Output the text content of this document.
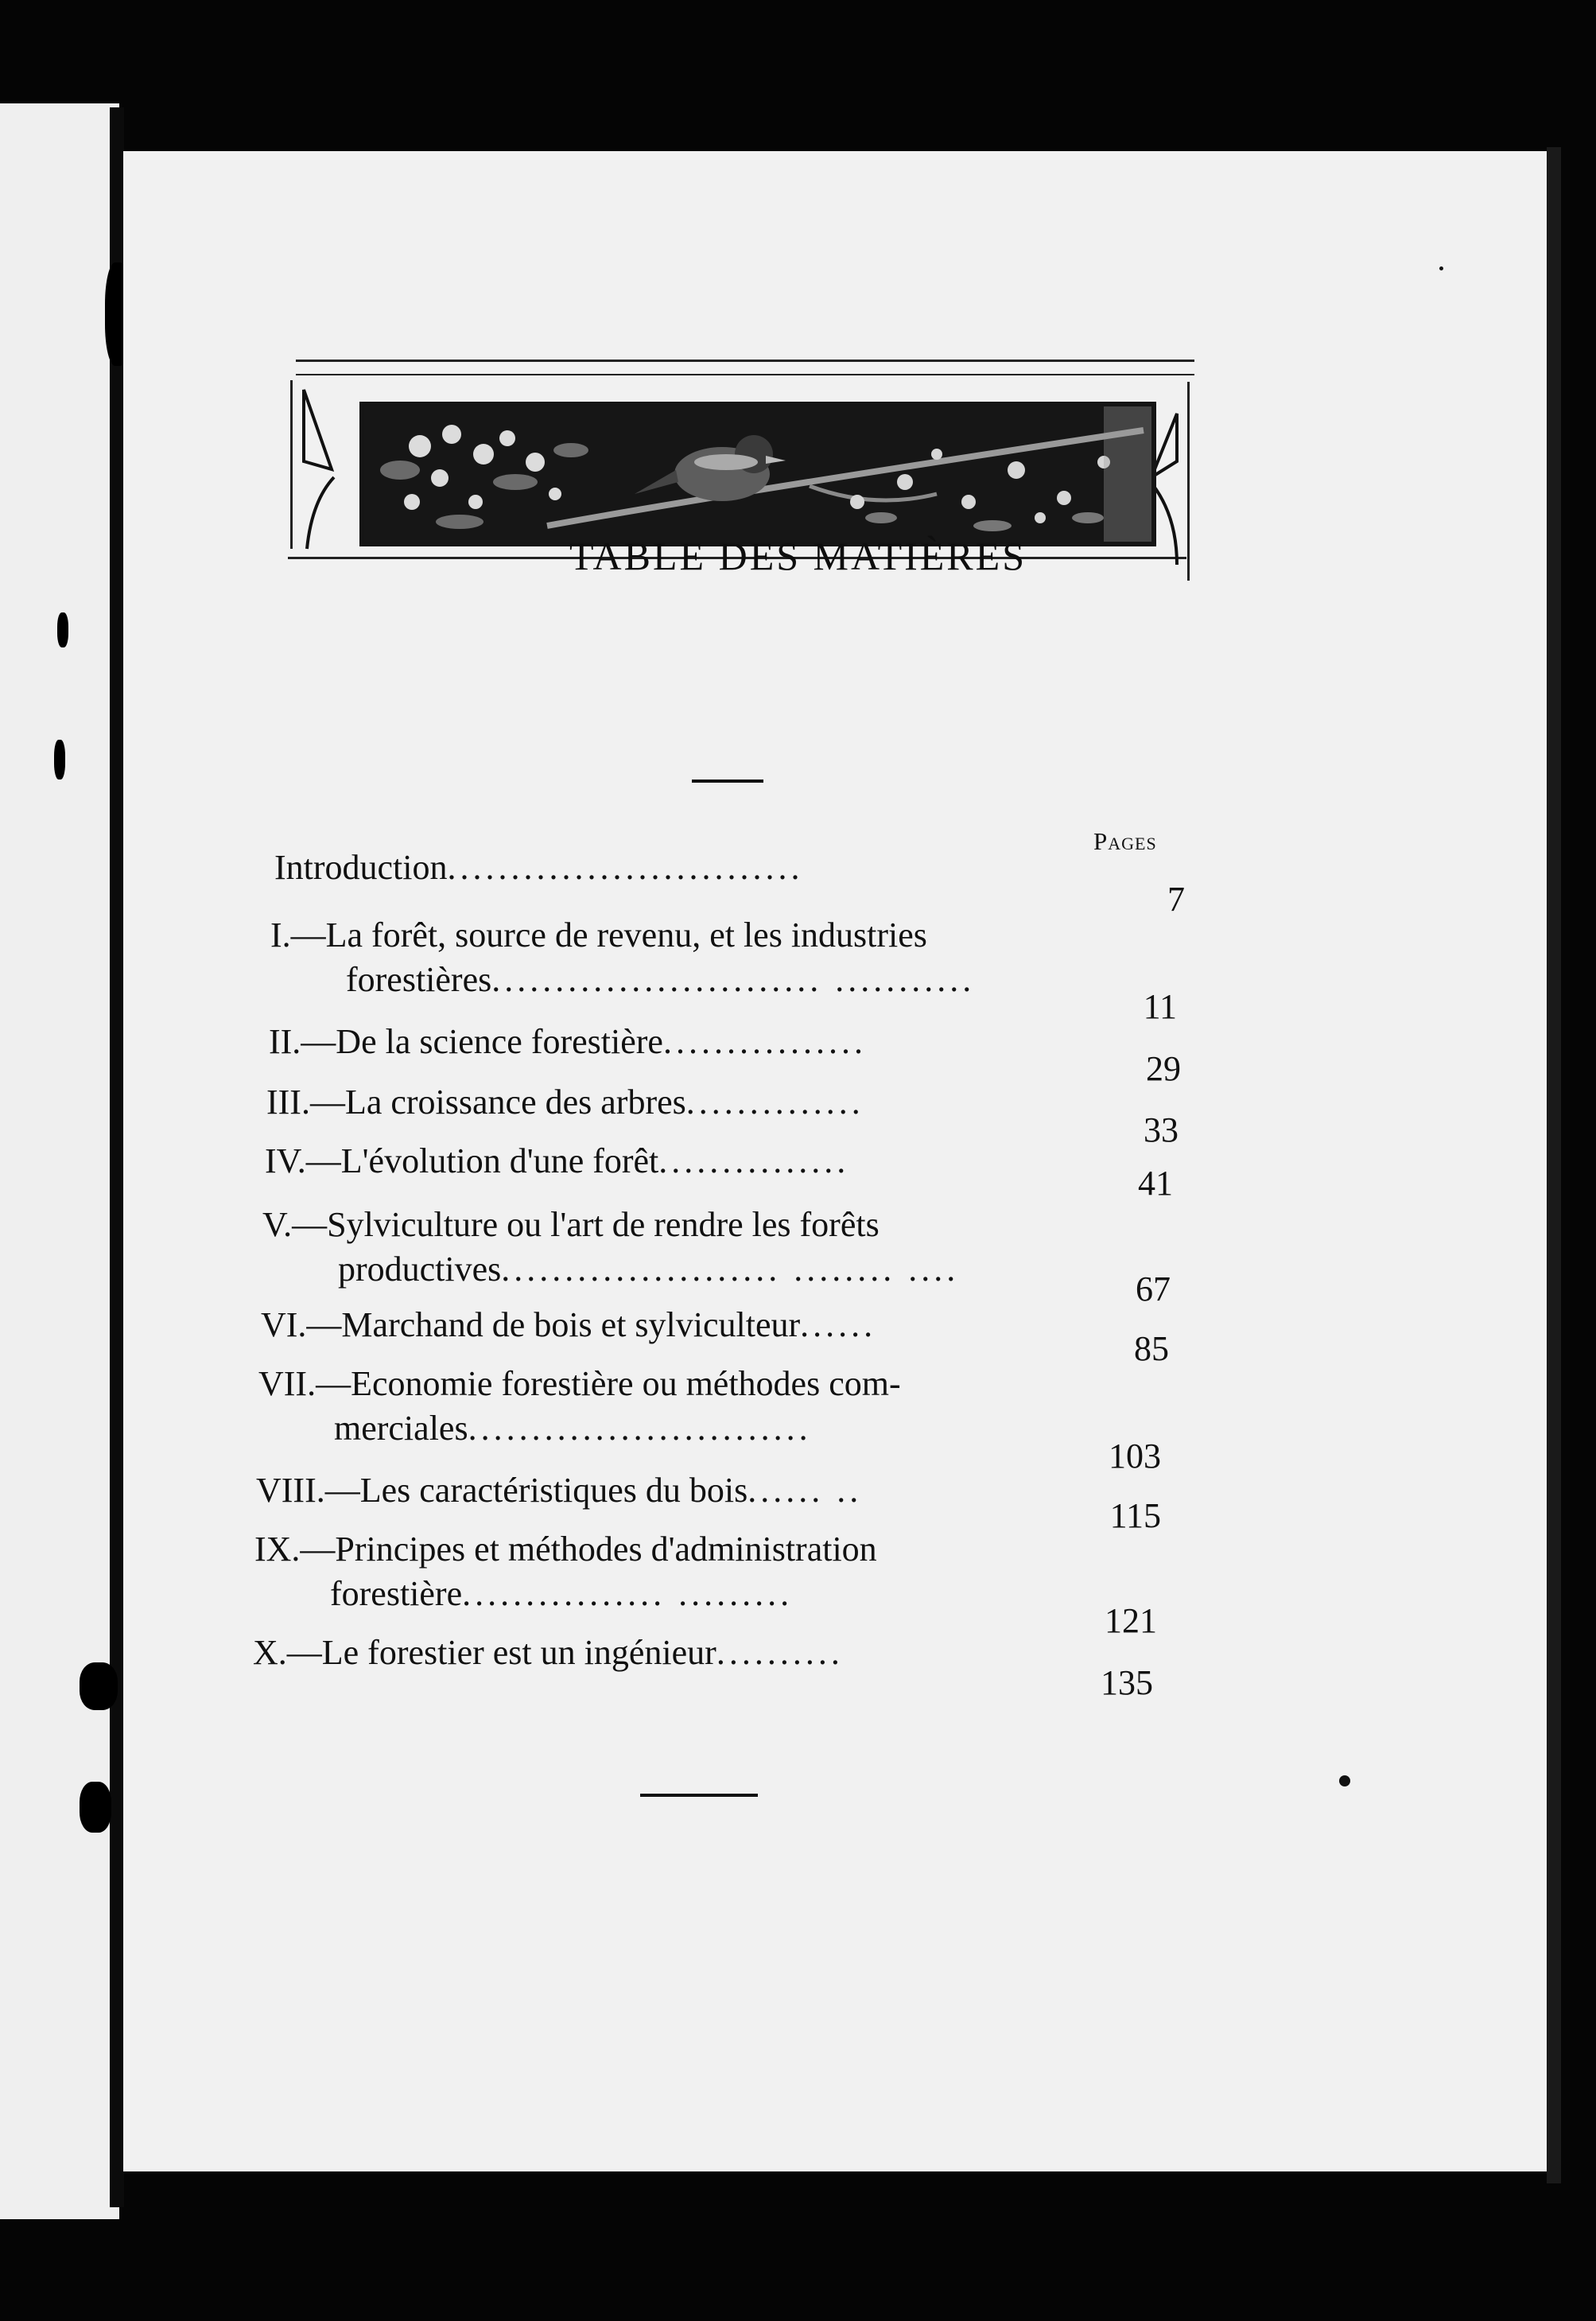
TABLE DES MATIÈRES
Pages
Introduction............................
7
I.—La forêt, source de revenu, et les industries
forestières.......................... ...........
11
II.—De la science forestière................
29
III.—La croissance des arbres..............
33
IV.—L'évolution d'une forêt...............
41
V.—Sylviculture ou l'art de rendre les forêts
productives...................... ........ ....
67
VI.—Marchand de bois et sylviculteur......
85
VII.—Economie forestière ou méthodes com-
merciales...........................
103
VIII.—Les caractéristiques du bois...... ..
115
IX.—Principes et méthodes d'administration
forestière................ .........
121
X.—Le forestier est un ingénieur..........
135
